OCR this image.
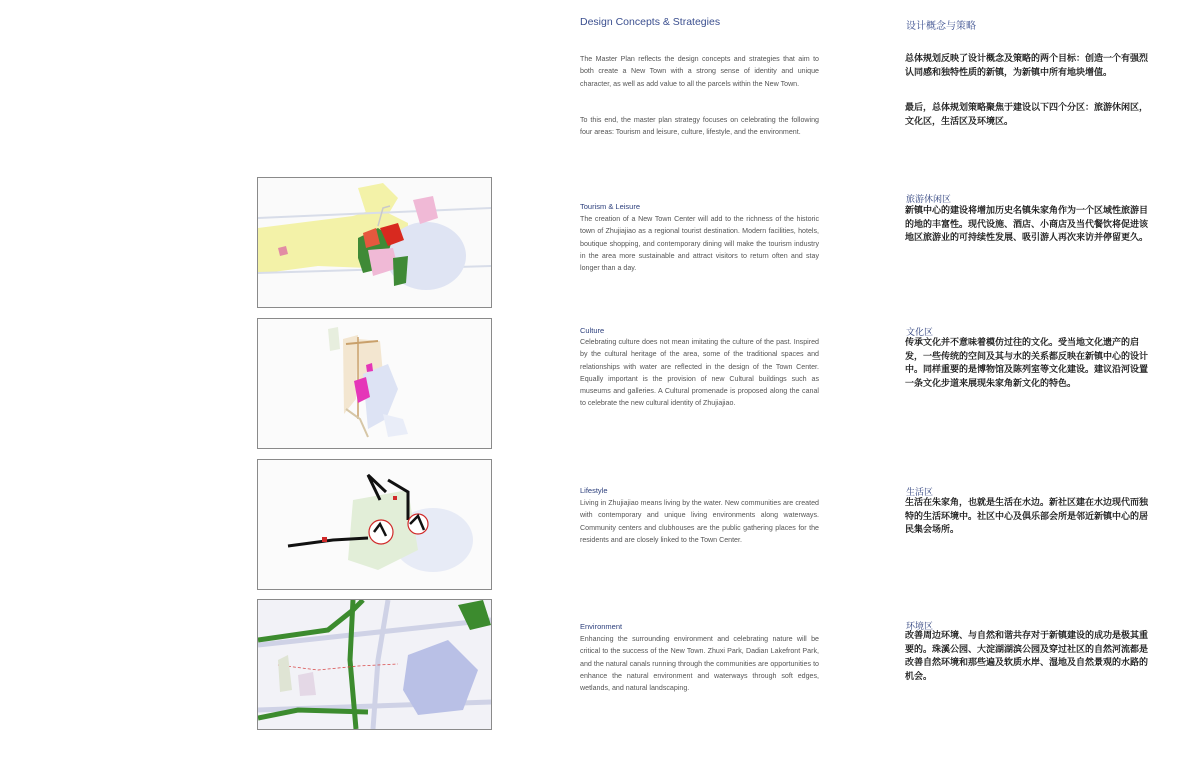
Design Concepts & Strategies

The Master Plan reflects the design concepts and strategies that aim to both create a New Town with a strong sense of identity and unique character, as well as add value to all the parcels within the New Town.

To this end, the master plan strategy focuses on celebrating the following four areas: Tourism and leisure, culture, lifestyle, and the environment.

Tourism & Leisure

The creation of a New Town Center will add to the richness of the historic town of Zhujiajiao as a regional tourist destination. Modern facilities, hotels, boutique shopping, and contemporary dining will make the tourism industry in the area more sustainable and attract visitors to return often and stay longer than a day.

Culture

Celebrating culture does not mean imitating the culture of the past. Inspired by the cultural heritage of the area, some of the traditional spaces and relationships with water are reflected in the design of the Town Center. Equally important is the provision of new Cultural buildings such as museums and galleries. A Cultural promenade is proposed along the canal to celebrate the new cultural identity of Zhujiajiao.

Lifestyle

Living in Zhujiajiao means living by the water. New communities are created with contemporary and unique living environments along waterways. Community centers and clubhouses are the public gathering places for the residents and are closely linked to the Town Center.

Environment

Enhancing the surrounding environment and celebrating nature will be critical to the success of the New Town. Zhuxi Park, Dadian Lakefront Park, and the natural canals running through the communities are opportunities to enhance the natural environment and waterways through soft edges, wetlands, and natural landscaping.

设计概念与策略

总体规划反映了设计概念及策略的两个目标：创造一个有强烈认同感和独特性质的新镇，为新镇中所有地块增值。

最后，总体规划策略聚焦于建设以下四个分区：旅游休闲区，文化区，生活区及环境区。

旅游休闲区

新镇中心的建设将增加历史名镇朱家角作为一个区域性旅游目的地的丰富性。现代设施、酒店、小商店及当代餐饮将促进该地区旅游业的可持续性发展、吸引游人再次来访并停留更久。

文化区

传承文化并不意味着模仿过往的文化。受当地文化遗产的启发，一些传统的空间及其与水的关系都反映在新镇中心的设计中。同样重要的是博物馆及陈列室等文化建设。建议沿河设置一条文化步道来展现朱家角新文化的特色。

生活区

生活在朱家角，也就是生活在水边。新社区建在水边现代而独特的生活环境中。社区中心及俱乐部会所是邻近新镇中心的居民集会场所。

环境区

改善周边环境、与自然和谐共存对于新镇建设的成功是极其重要的。珠溪公园、大淀湖湖滨公园及穿过社区的自然河流都是改善自然环境和那些遍及软质水岸、湿地及自然景观的水路的机会。
